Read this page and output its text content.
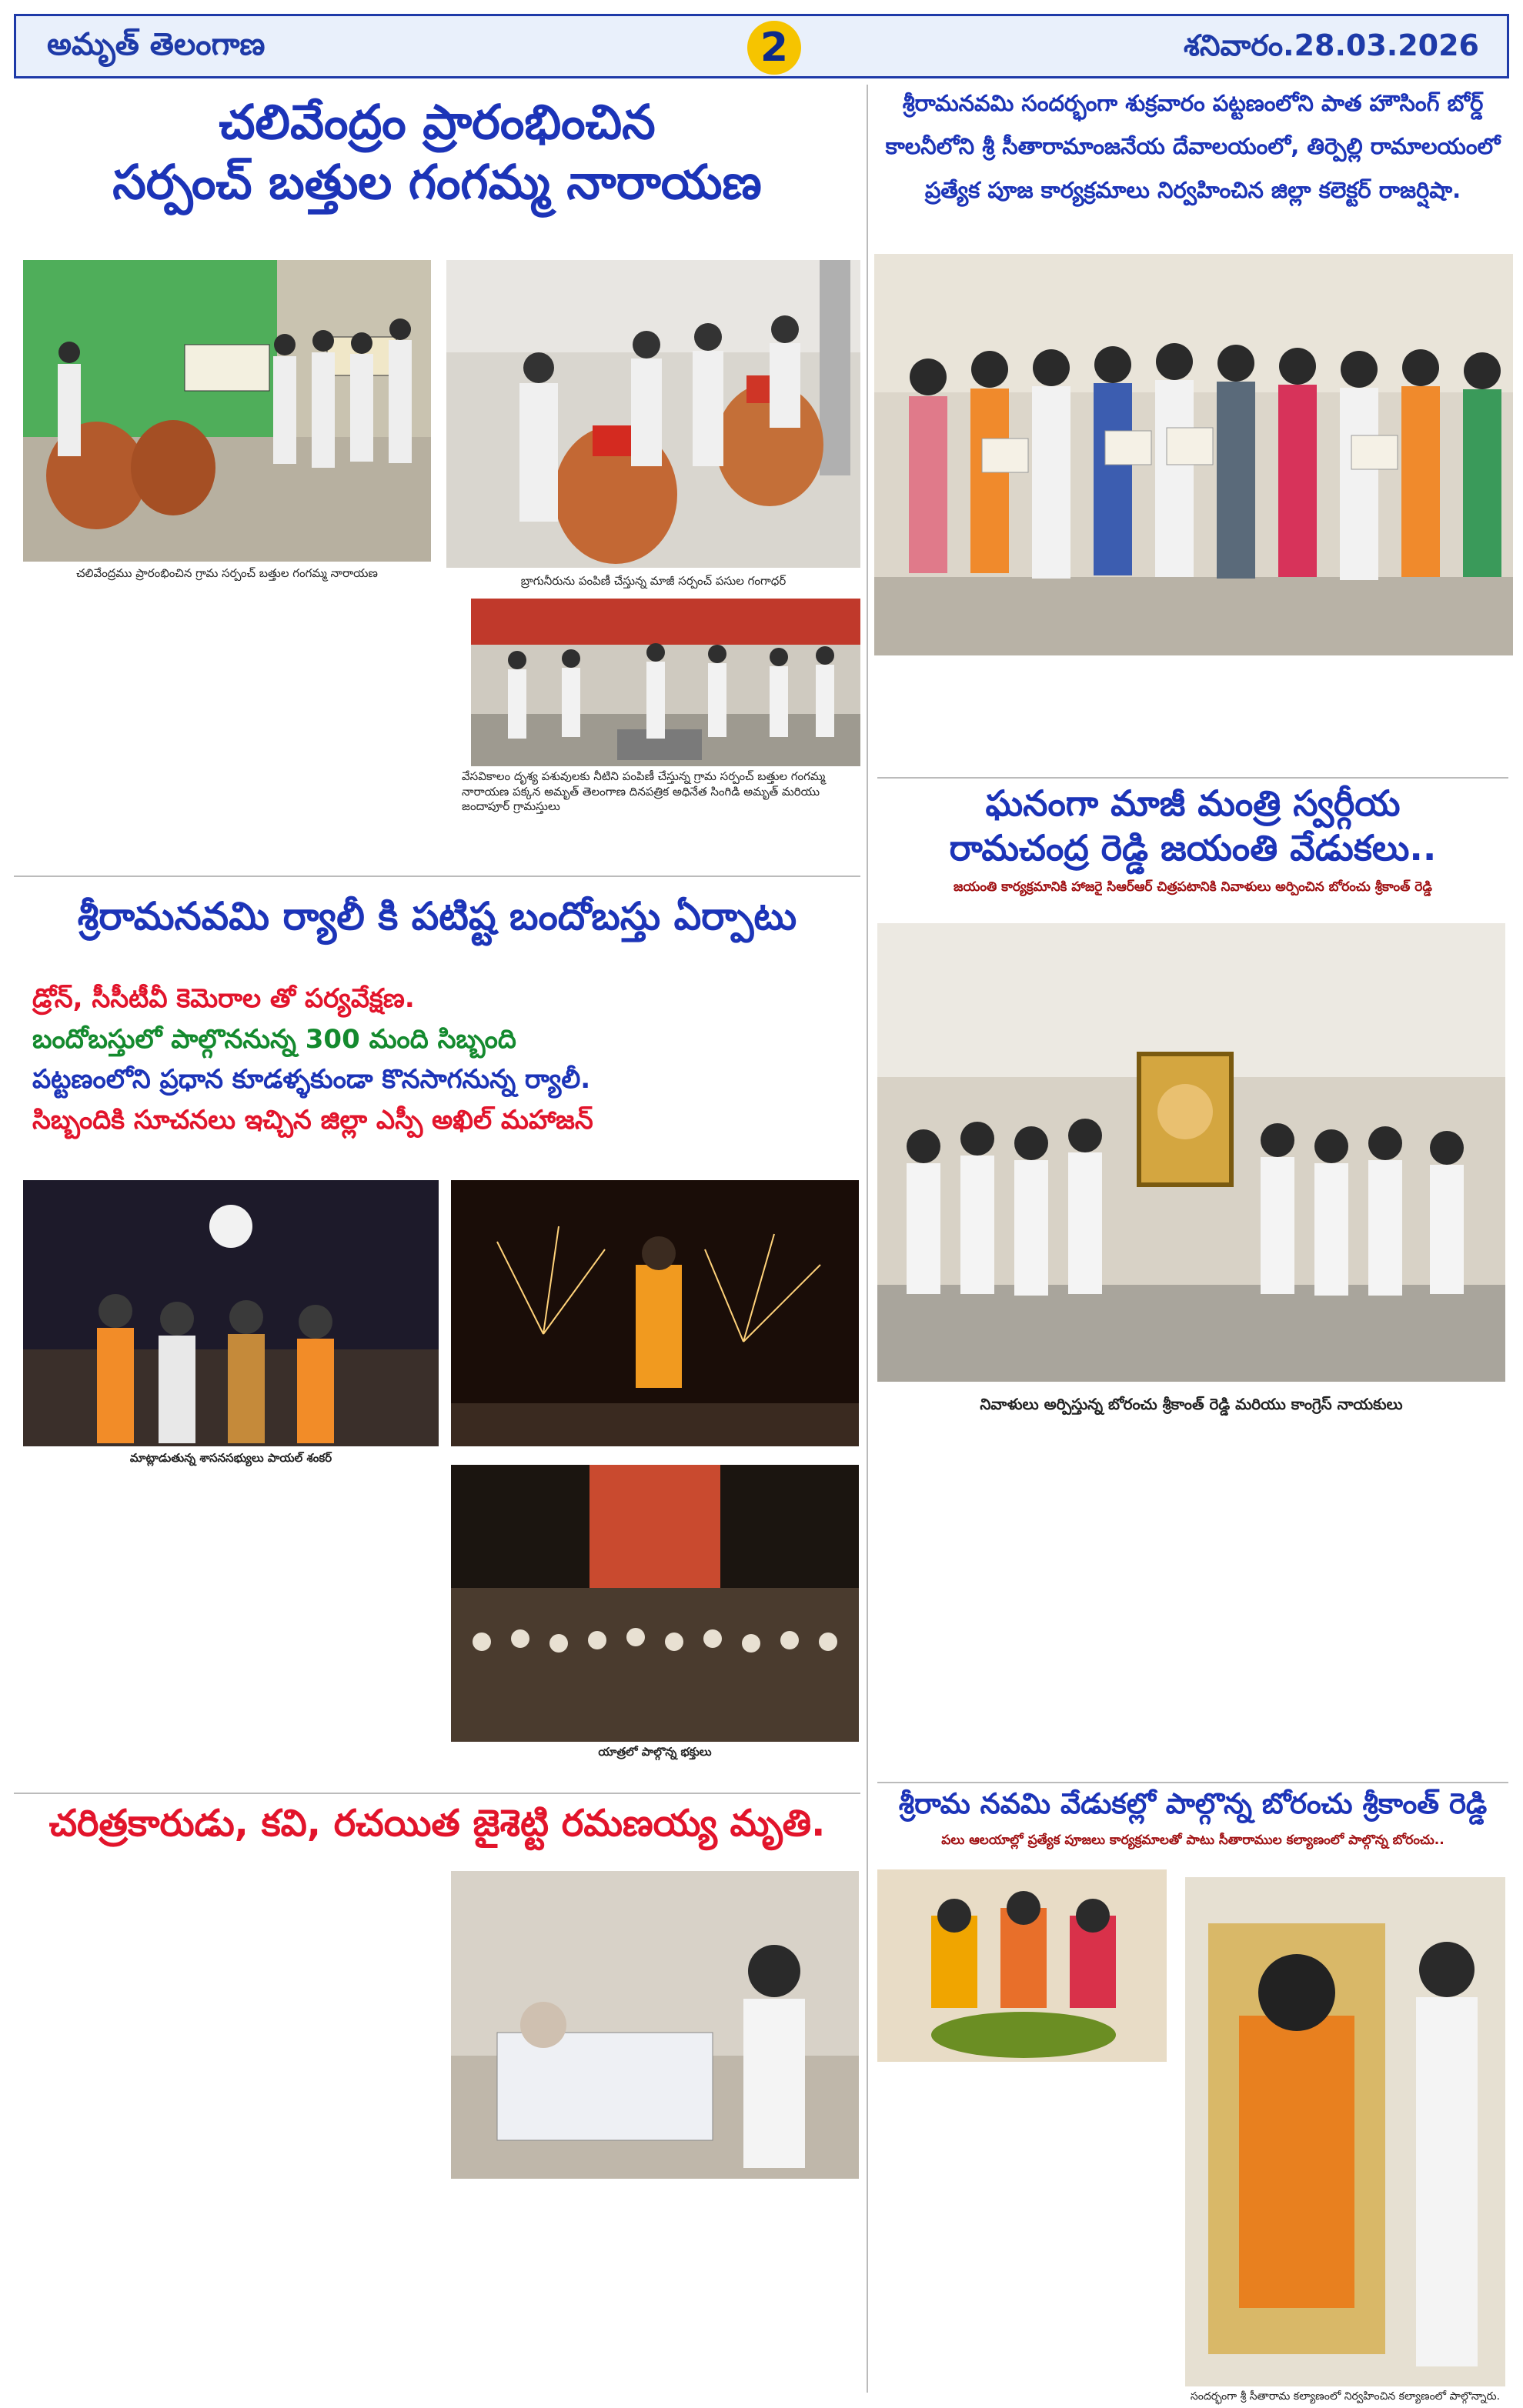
అమృత్ తెలంగాణ	2	శనివారం.28.03.2026

చలివేంద్రం ప్రారంభించిన

సర్పంచ్ బత్తుల గంగమ్మ నారాయణ

చలివేంద్రము ప్రారంభించిన గ్రామ సర్పంచ్ బత్తుల గంగమ్మ నారాయణ
బ్రాగునీరును పంపిణీ చేస్తున్న మాజీ సర్పంచ్ పసుల గంగాధర్
వేసవికాలం దృశ్య పశువులకు నీటిని పంపిణీ చేస్తున్న గ్రామ సర్పంచ్ బత్తుల గంగమ్మ నారాయణ పక్కన అమృత్ తెలంగాణ దినపత్రిక అధినేత సింగిడి అమృత్ మరియు జందాపూర్ గ్రామస్తులు

శ్రీరామనవమి సందర్భంగా శుక్రవారం పట్టణంలోని పాత హౌసింగ్ బోర్డ్

కాలనీలోని శ్రీ సీతారామాంజనేయ దేవాలయంలో, తిర్పెల్లి రామాలయంలో

ప్రత్యేక పూజ కార్యక్రమాలు నిర్వహించిన జిల్లా కలెక్టర్ రాజర్షిషా.

ఘనంగా మాజీ మంత్రి స్వర్గీయ

రామచంద్ర రెడ్డి జయంతి వేడుకలు..

జయంతి కార్యక్రమానికి హాజరై సిఆర్ఆర్ చిత్రపటానికి నివాళులు అర్పించిన బోరంచు శ్రీకాంత్ రెడ్డి

నివాళులు అర్పిస్తున్న బోరంచు శ్రీకాంత్ రెడ్డి మరియు కాంగ్రెస్ నాయకులు

శ్రీరామ నవమి వేడుకల్లో పాల్గొన్న బోరంచు శ్రీకాంత్ రెడ్డి

పలు ఆలయాల్లో ప్రత్యేక పూజలు కార్యక్రమాలతో పాటు సీతారాముల కల్యాణంలో పాల్గొన్న బోరంచు..

సందర్భంగా శ్రీ సీతారామ కల్యాణంలో నిర్వహించిన కల్యాణంలో పాల్గొన్నారు.

శ్రీరామనవమి ర్యాలీ కి పటిష్ట బందోబస్తు ఏర్పాటు

డ్రోన్, సీసీటీవీ కెమెరాల తో పర్యవేక్షణ.
బందోబస్తులో పాల్గొననున్న 300 మంది సిబ్బంది
పట్టణంలోని ప్రధాన కూడళ్ళకుండా కొనసాగనున్న ర్యాలీ.
సిబ్బందికి సూచనలు ఇచ్చిన జిల్లా ఎస్పీ అఖిల్ మహాజన్
మాట్లాడుతున్న శాసనసభ్యులు పాయల్ శంకర్
యాత్రలో పాల్గొన్న భక్తులు

చరిత్రకారుడు, కవి, రచయిత జైశెట్టి రమణయ్య మృతి.
